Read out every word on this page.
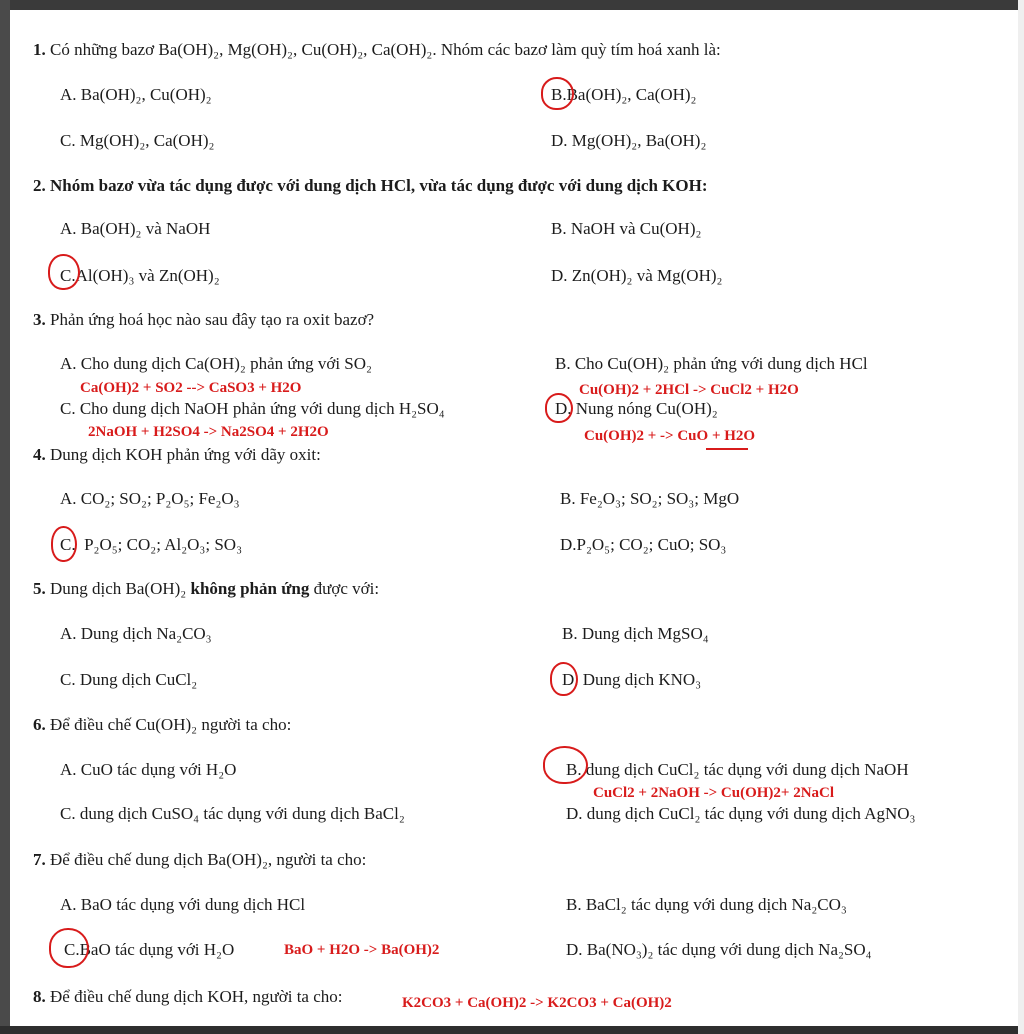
1. Có những bazơ Ba(OH)₂, Mg(OH)₂, Cu(OH)₂, Ca(OH)₂. Nhóm các bazơ làm quỳ tím hoá xanh là:
A. Ba(OH)₂, Cu(OH)₂	B.Ba(OH)₂, Ca(OH)₂
C. Mg(OH)₂, Ca(OH)₂	D. Mg(OH)₂, Ba(OH)₂
2. Nhóm bazơ vừa tác dụng được với dung dịch HCl, vừa tác dụng được với dung dịch KOH:
A. Ba(OH)₂ và NaOH	B. NaOH và Cu(OH)₂
C.Al(OH)₃ và Zn(OH)₂	D. Zn(OH)₂ và Mg(OH)₂
3. Phản ứng hoá học nào sau đây tạo ra oxit bazơ?
A. Cho dung dịch Ca(OH)₂ phản ứng với SO₂	B. Cho Cu(OH)₂ phản ứng với dung dịch HCl
Ca(OH)2 + SO2 --> CaSO3 + H2O	Cu(OH)2 + 2HCl -> CuCl2 + H2O
C. Cho dung dịch NaOH phản ứng với dung dịch H₂SO₄	D. Nung nóng Cu(OH)₂
2NaOH + H2SO4 -> Na2SO4 + 2H2O	Cu(OH)2 + -> CuO + H2O
4. Dung dịch KOH phản ứng với dãy oxit:
A. CO₂; SO₂; P₂O₅; Fe₂O₃	B. Fe₂O₃; SO₂; SO₃; MgO
C. P₂O₅; CO₂; Al₂O₃; SO₃	D.P₂O₅; CO₂; CuO; SO₃
5. Dung dịch Ba(OH)₂ không phản ứng được với:
A. Dung dịch Na₂CO₃	B. Dung dịch MgSO₄
C. Dung dịch CuCl₂	D. Dung dịch KNO₃
6. Để điều chế Cu(OH)₂ người ta cho:
A. CuO tác dụng với H₂O	B. dung dịch CuCl₂ tác dụng với dung dịch NaOH
CuCl2 + 2NaOH -> Cu(OH)2+ 2NaCl
C. dung dịch CuSO₄ tác dụng với dung dịch BaCl₂	D. dung dịch CuCl₂ tác dụng với dung dịch AgNO₃
7. Để điều chế dung dịch Ba(OH)₂, người ta cho:
A. BaO tác dụng với dung dịch HCl	B. BaCl₂ tác dụng với dung dịch Na₂CO₃
C.BaO tác dụng với H₂O	BaO + H2O -> Ba(OH)2	D. Ba(NO₃)₂ tác dụng với dung dịch Na₂SO₄
8. Để điều chế dung dịch KOH, người ta cho:	K2CO3 + Ca(OH)2 -> K2CO3 + Ca(OH)2
